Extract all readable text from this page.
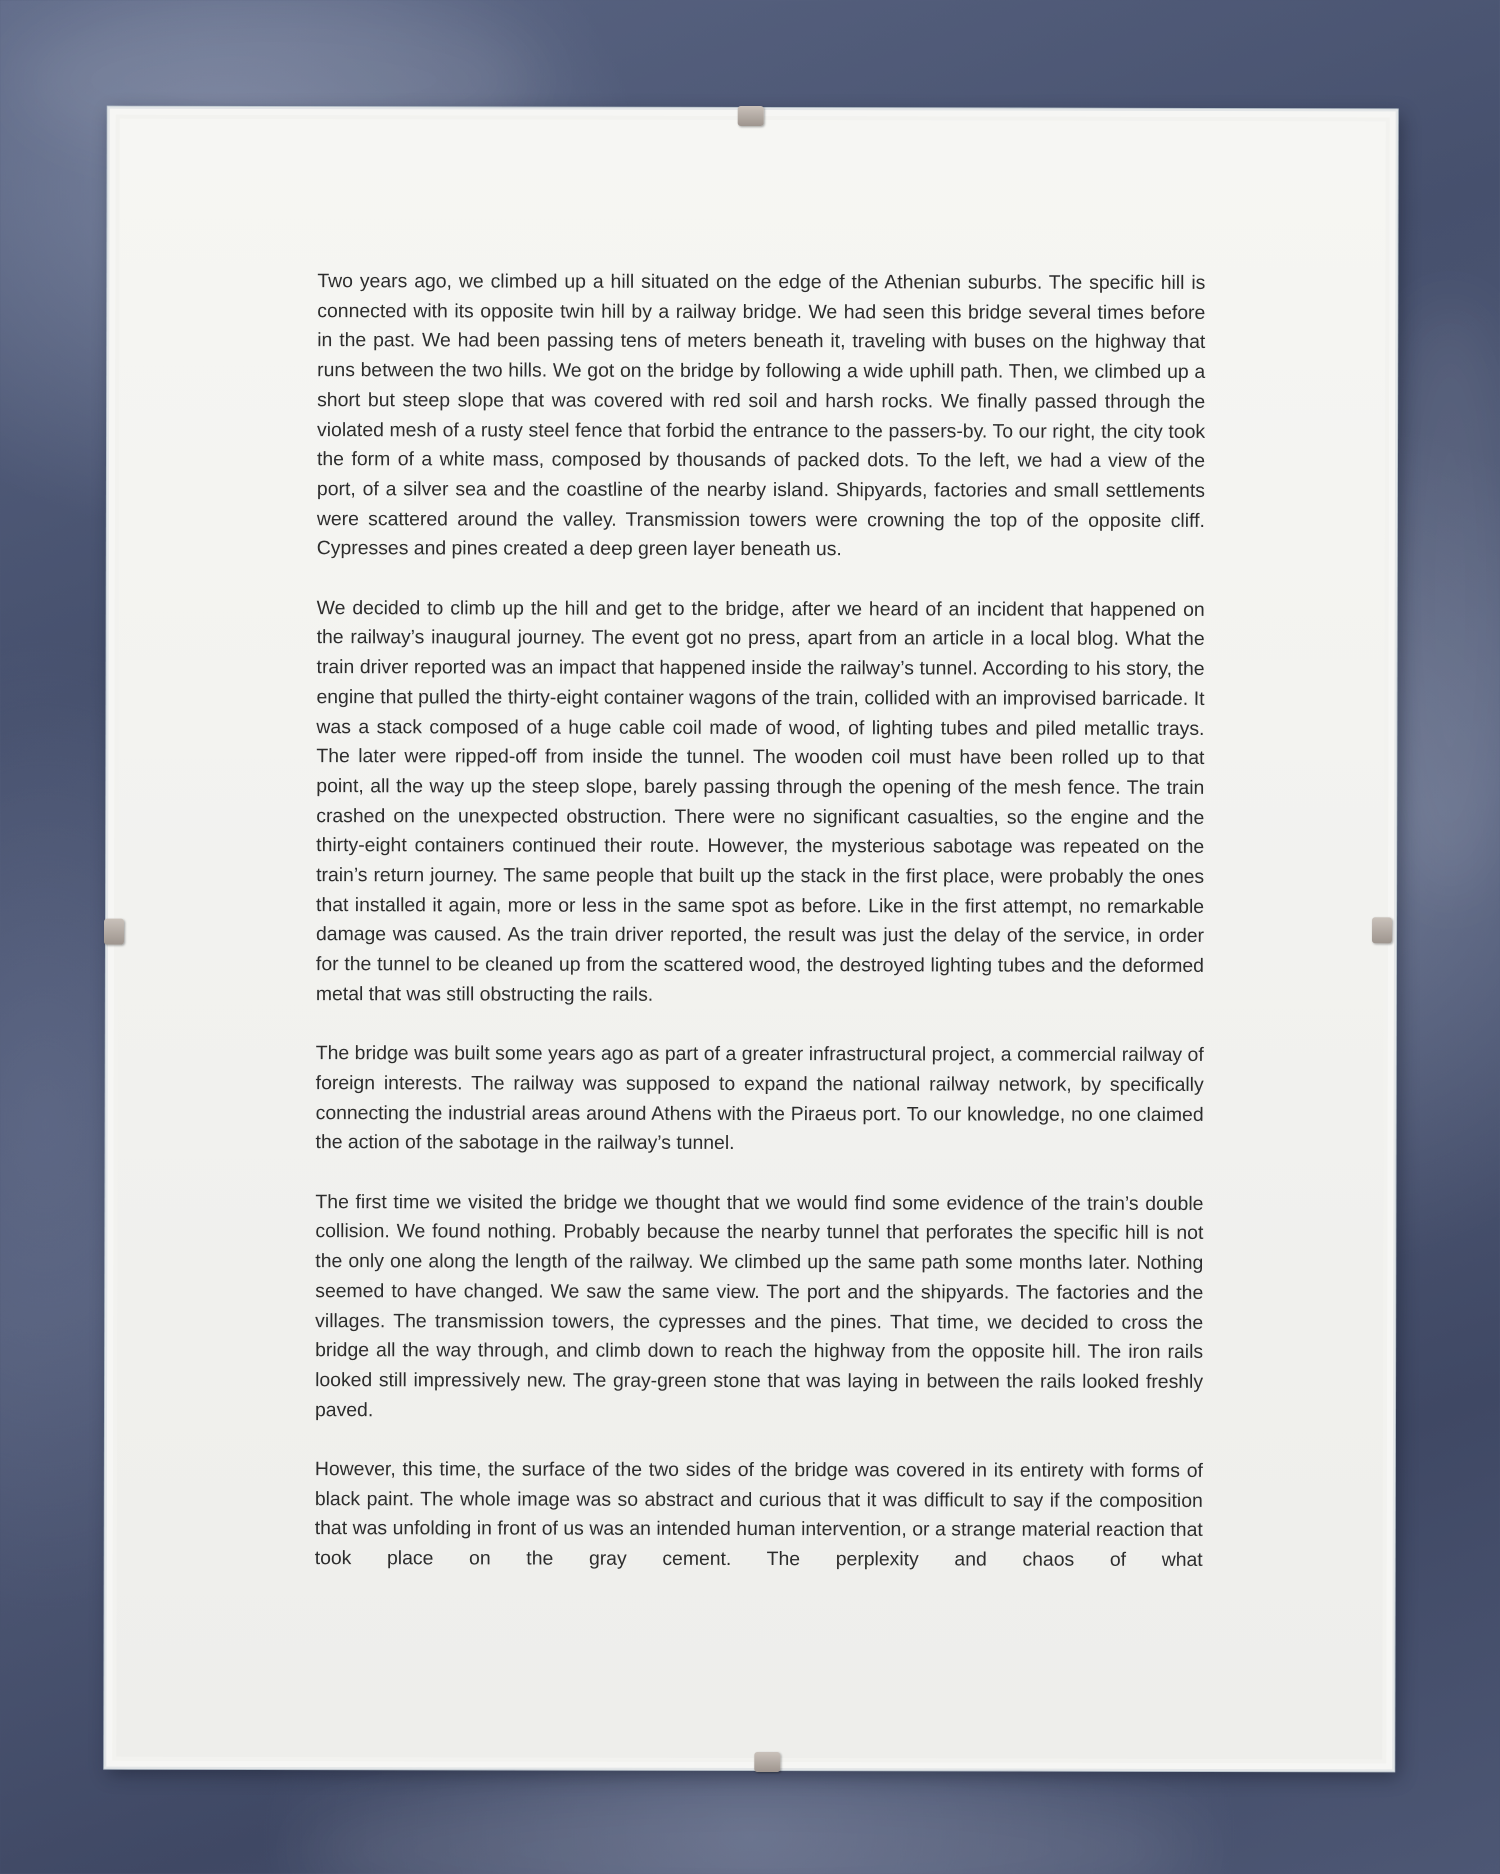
Two years ago, we climbed up a hill situated on the edge of the Athenian suburbs. The specific hill is connected with its opposite twin hill by a railway bridge. We had seen this bridge several times before in the past. We had been passing tens of meters beneath it, traveling with buses on the highway that runs between the two hills. We got on the bridge by following a wide uphill path. Then, we climbed up a short but steep slope that was covered with red soil and harsh rocks. We finally passed through the violated mesh of a rusty steel fence that forbid the entrance to the passers-by. To our right, the city took the form of a white mass, composed by thousands of packed dots. To the left, we had a view of the port, of a silver sea and the coastline of the nearby island. Shipyards, factories and small settlements were scattered around the valley. Transmission towers were crowning the top of the opposite cliff. Cypresses and pines created a deep green layer beneath us.

We decided to climb up the hill and get to the bridge, after we heard of an incident that happened on the railway’s inaugural journey. The event got no press, apart from an article in a local blog. What the train driver reported was an impact that happened inside the railway’s tunnel. According to his story, the engine that pulled the thirty-eight container wagons of the train, collided with an improvised barricade. It was a stack composed of a huge cable coil made of wood, of lighting tubes and piled metallic trays. The later were ripped-off from inside the tunnel. The wooden coil must have been rolled up to that point, all the way up the steep slope, barely passing through the opening of the mesh fence. The train crashed on the unexpected obstruction. There were no significant casualties, so the engine and the thirty-eight containers continued their route. However, the mysterious sabotage was repeated on the train’s return journey. The same people that built up the stack in the first place, were probably the ones that installed it again, more or less in the same spot as before. Like in the first attempt, no remarkable damage was caused. As the train driver reported, the result was just the delay of the service, in order for the tunnel to be cleaned up from the scattered wood, the destroyed lighting tubes and the deformed metal that was still obstructing the rails.

The bridge was built some years ago as part of a greater infrastructural project, a commercial railway of foreign interests. The railway was supposed to expand the national railway network, by specifically connecting the industrial areas around Athens with the Piraeus port. To our knowledge, no one claimed the action of the sabotage in the railway’s tunnel.

The first time we visited the bridge we thought that we would find some evidence of the train’s double collision. We found nothing. Probably because the nearby tunnel that perforates the specific hill is not the only one along the length of the railway. We climbed up the same path some months later. Nothing seemed to have changed. We saw the same view. The port and the shipyards. The factories and the villages. The transmission towers, the cypresses and the pines. That time, we decided to cross the bridge all the way through, and climb down to reach the highway from the opposite hill. The iron rails looked still impressively new. The gray-green stone that was laying in between the rails looked freshly paved.

However, this time, the surface of the two sides of the bridge was covered in its entirety with forms of black paint. The whole image was so abstract and curious that it was difficult to say if the composition that was unfolding in front of us was an intended human intervention, or a strange material reaction that took place on the gray cement. The perplexity and chaos of what
